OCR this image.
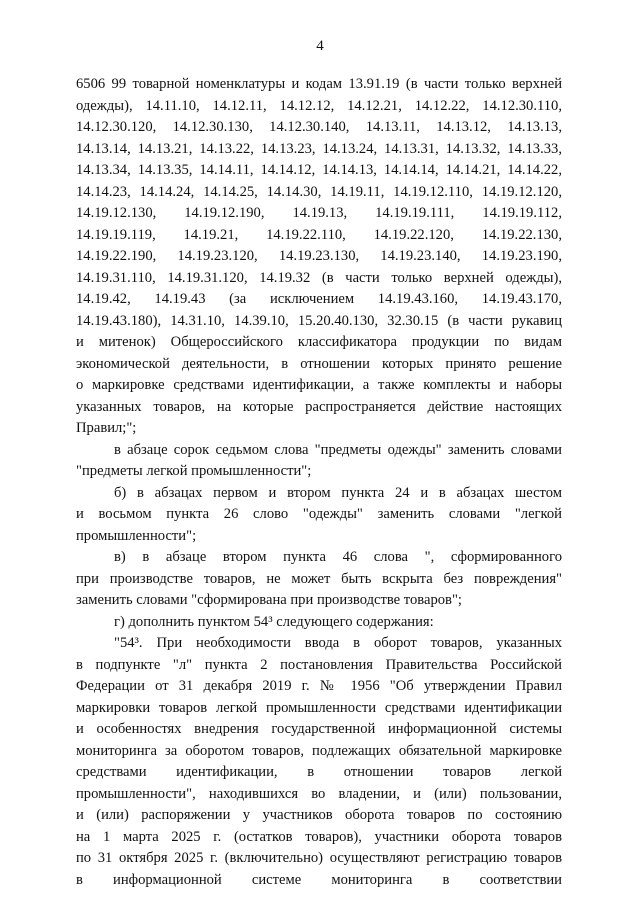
4
6506 99 товарной номенклатуры и кодам 13.91.19 (в части только верхней
одежды), 14.11.10, 14.12.11, 14.12.12, 14.12.21, 14.12.22, 14.12.30.110,
14.12.30.120, 14.12.30.130, 14.12.30.140, 14.13.11, 14.13.12, 14.13.13,
14.13.14, 14.13.21, 14.13.22, 14.13.23, 14.13.24, 14.13.31, 14.13.32, 14.13.33,
14.13.34, 14.13.35, 14.14.11, 14.14.12, 14.14.13, 14.14.14, 14.14.21, 14.14.22,
14.14.23, 14.14.24, 14.14.25, 14.14.30, 14.19.11, 14.19.12.110, 14.19.12.120,
14.19.12.130, 14.19.12.190, 14.19.13, 14.19.19.111, 14.19.19.112,
14.19.19.119, 14.19.21, 14.19.22.110, 14.19.22.120, 14.19.22.130,
14.19.22.190, 14.19.23.120, 14.19.23.130, 14.19.23.140, 14.19.23.190,
14.19.31.110, 14.19.31.120, 14.19.32 (в части только верхней одежды),
14.19.42, 14.19.43 (за исключением 14.19.43.160, 14.19.43.170,
14.19.43.180), 14.31.10, 14.39.10, 15.20.40.130, 32.30.15 (в части рукавиц
и митенок) Общероссийского классификатора продукции по видам
экономической деятельности, в отношении которых принято решение
о маркировке средствами идентификации, а также комплекты и наборы
указанных товаров, на которые распространяется действие настоящих
Правил;";
в абзаце сорок седьмом слова "предметы одежды" заменить словами
"предметы легкой промышленности";
б) в абзацах первом и втором пункта 24 и в абзацах шестом
и восьмом пункта 26 слово "одежды" заменить словами "легкой
промышленности";
в) в абзаце втором пункта 46 слова ", сформированного
при производстве товаров, не может быть вскрыта без повреждения"
заменить словами "сформирована при производстве товаров";
г) дополнить пунктом 54³ следующего содержания:
"54³. При необходимости ввода в оборот товаров, указанных
в подпункте "л" пункта 2 постановления Правительства Российской
Федерации от 31 декабря 2019 г. № 1956 "Об утверждении Правил
маркировки товаров легкой промышленности средствами идентификации
и особенностях внедрения государственной информационной системы
мониторинга за оборотом товаров, подлежащих обязательной маркировке
средствами идентификации, в отношении товаров легкой
промышленности", находившихся во владении, и (или) пользовании,
и (или) распоряжении у участников оборота товаров по состоянию
на 1 марта 2025 г. (остатков товаров), участники оборота товаров
по 31 октября 2025 г. (включительно) осуществляют регистрацию товаров
в информационной системе мониторинга в соответствии
